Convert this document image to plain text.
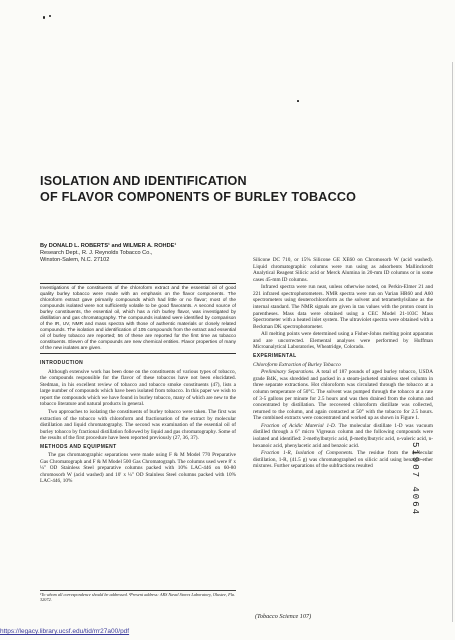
ISOLATION AND IDENTIFICATION
OF FLAVOR COMPONENTS OF BURLEY TOBACCO
By DONALD L. ROBERTS¹ and WILMER A. ROHDE¹
Research Dept., R. J. Reynolds Tobacco Co.,
Winston-Salem, N.C. 27102
Investigations of the constituents of the chloroform extract and the essential oil of good quality burley tobacco were made with an emphasis on the flavor components. The chloroform extract gave primarily compounds which had little or no flavor; most of the compounds isolated were not sufficiently volatile to be good flavorants. A second source of burley constituents, the essential oil, which has a rich burley flavor, was investigated by distillation and gas chromatography. The compounds isolated were identified by comparison of the IR, UV, NMR and mass spectra with those of authentic materials or closely related compounds. The isolation and identification of 105 compounds from the extract and essential oil of burley tobacco are reported; 56 of these are reported for the first time as tobacco constituents. Eleven of the compounds are new chemical entities. Flavor properties of many of the new isolates are given.
INTRODUCTION

Although extensive work has been done on the constituents of various types of tobacco, the compounds responsible for the flavor of these tobaccos have not been elucidated. Stedman, in his excellent review of tobacco and tobacco smoke constituents (47), lists a large number of compounds which have been isolated from tobacco. In this paper we wish to report the compounds which we have found in burley tobacco, many of which are new to the tobacco literature and natural products in general.

Two approaches to isolating the constituents of burley tobacco were taken. The first was extraction of the tobacco with chloroform and fractionation of the extract by molecular distillation and liquid chromatography. The second was examination of the essential oil of burley tobacco by fractional distillation followed by liquid and gas chromatography. Some of the results of the first procedure have been reported previously (27, 36, 37).

METHODS AND EQUIPMENT

The gas chromatographic separations were made using F & M Model 770 Preparative Gas Chromatograph and F & M Model 500 Gas Chromatograph. The columns used were 8' x ¼" OD Stainless Steel preparative columns packed with 10% LAC-446 on 60-80 chromosorb W (acid washed) and 10' x ¼" OD Stainless Steel columns packed with 10% LAC-446, 10%

¹To whom all correspondence should be addressed. ²Present address: ARS Naval Stores Laboratory, Olustee, Fla. 32072.

Silicone DC 710, or 15% Silicone GE XE60 on Chromosorb W (acid washed). Liquid chromatographic columns were run using as adsorbents Mallinckrodt Analytical Reagent Silicic acid or Merck Alumina in 20-mm ID columns or in some cases 45-mm ID columns.

Infrared spectra were run neat, unless otherwise noted, on Perkin-Elmer 21 and 221 infrared spectrophotometers. NMR spectra were run on Varian HR60 and A60 spectrometers using deuterochloroform as the solvent and tetramethylsilane as the internal standard. The NMR signals are given in tau values with the proton count in parentheses. Mass data were obtained using a CEC Model 21-103C Mass Spectrometer with a heated inlet system. The ultraviolet spectra were obtained with a Beckman DK spectrophotometer.

All melting points were determined using a Fisher-Johns melting point apparatus and are uncorrected. Elemental analyses were performed by Huffman Microanalytical Laboratories, Wheatridge, Colorado.

EXPERIMENTAL

Chloroform Extraction of Burley Tobacco

Preliminary Separations. A total of 187 pounds of aged burley tobacco, USDA grade B4K, was shredded and packed in a steam-jacketed stainless steel column in three separate extractions. Hot chloroform was circulated through the tobacco at a column temperature of 50°C. The solvent was pumped through the tobacco at a rate of 3-5 gallons per minute for 2.5 hours and was then drained from the column and concentrated by distillation. The recovered chloroform distillate was collected, returned to the column, and again contacted at 50° with the tobacco for 2.5 hours. The combined extracts were concentrated and worked up as shown in Figure 1.

Fraction of Acidic Material 1-D. The molecular distillate 1-D was vacuum distilled through a 6" micro Vigreaux column and the following compounds were isolated and identified: 2-methylbutyric acid, β-methylbutyric acid, n-valeric acid, n-hexanoic acid, phenylacetic acid and benzoic acid.

Fraction 1-R, Isolation of Components. The residue from the molecular distillation, 1-R, (41.5 g) was chromatographed on silicic acid using benzene-ether mixtures. Further separations of the subfractions resulted

(Tobacco Science 107)
51907 4064
https://legacy.library.ucsf.edu/tid/rrr27a00/pdf
